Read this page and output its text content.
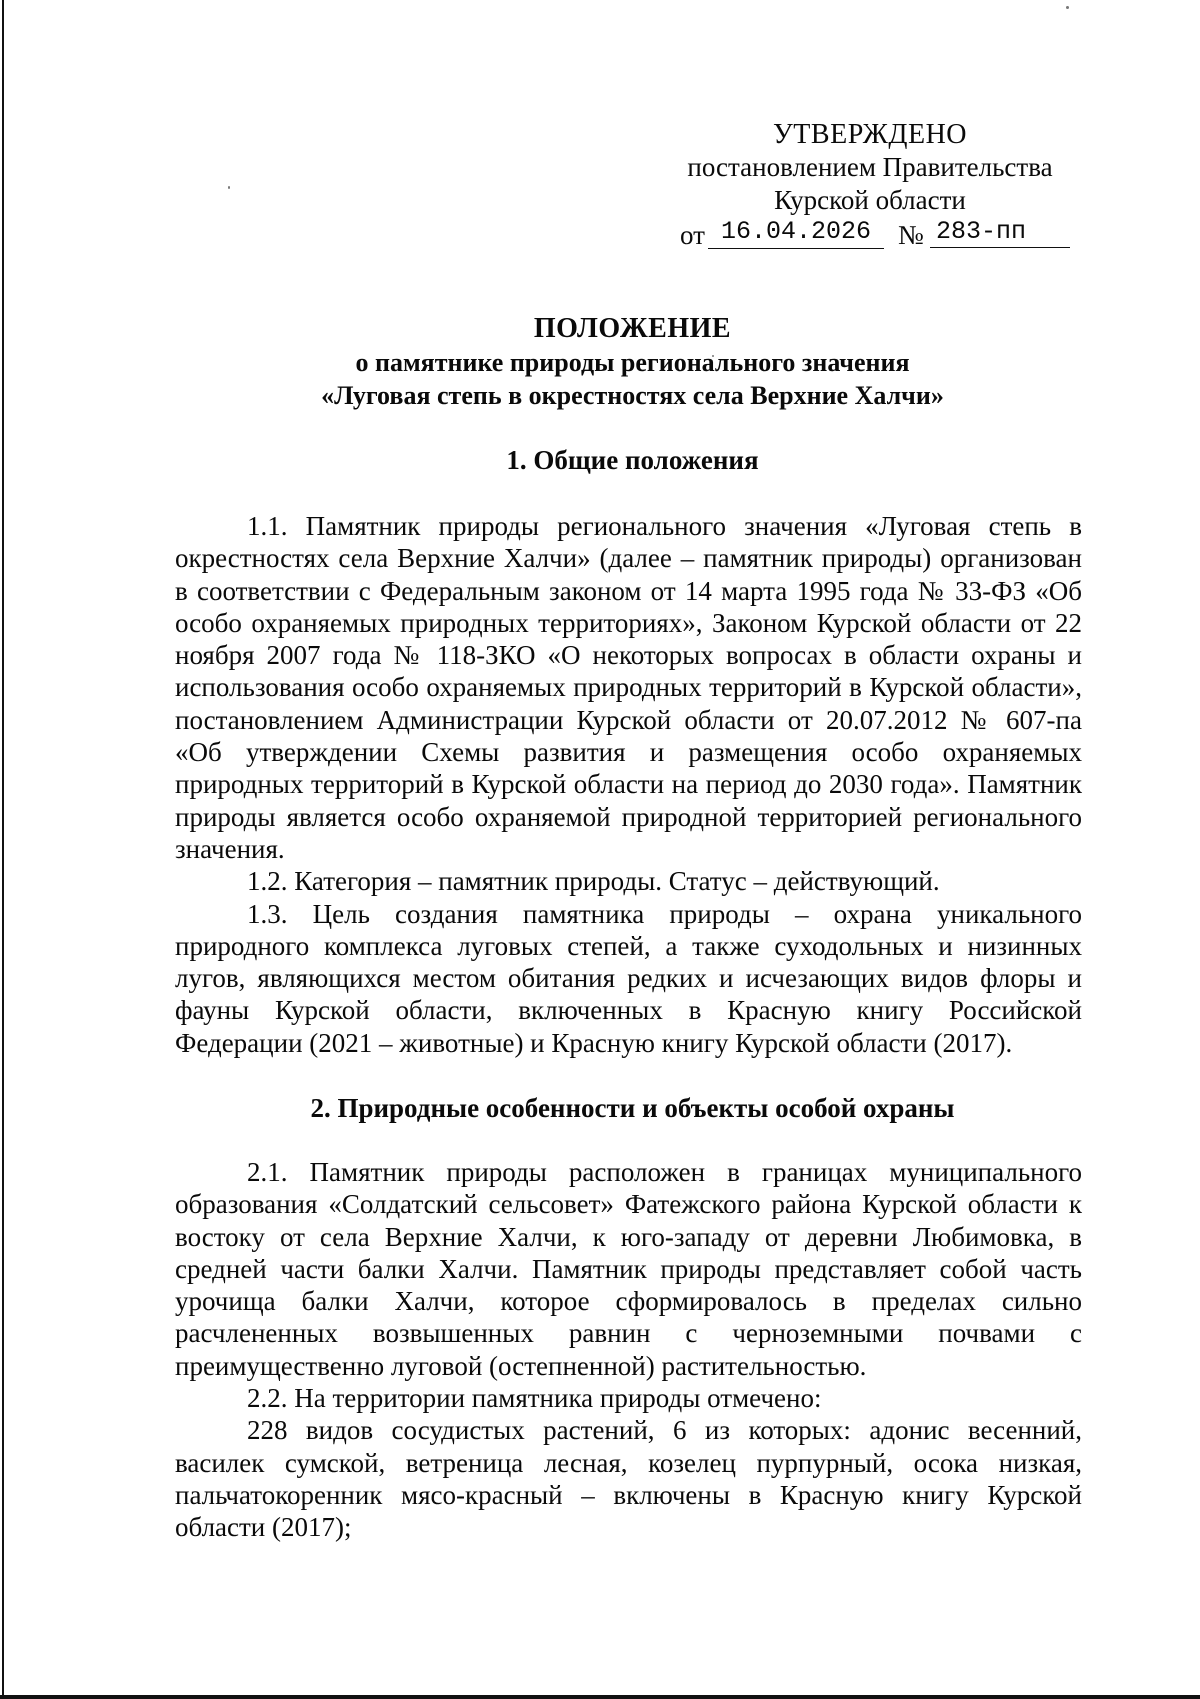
УТВЕРЖДЕНО
постановлением Правительства
Курской области
от 16.04.2026 № 283-пп
ПОЛОЖЕНИЕ
о памятнике природы регионального значения
«Луговая степь в окрестностях села Верхние Халчи»
1. Общие положения

1.1. Памятник природы регионального значения «Луговая степь в окрестностях села Верхние Халчи» (далее – памятник природы) организован в соответствии с Федеральным законом от 14 марта 1995 года № 33-ФЗ «Об особо охраняемых природных территориях», Законом Курской области от 22 ноября 2007 года № 118-ЗКО «О некоторых вопросах в области охраны и использования особо охраняемых природных территорий в Курской области», постановлением Администрации Курской области от 20.07.2012 № 607-па «Об утверждении Схемы развития и размещения особо охраняемых природных территорий в Курской области на период до 2030 года». Памятник природы является особо охраняемой природной территорией регионального значения.

1.2. Категория – памятник природы. Статус – действующий.

1.3. Цель создания памятника природы – охрана уникального природного комплекса луговых степей, а также суходольных и низинных лугов, являющихся местом обитания редких и исчезающих видов флоры и фауны Курской области, включенных в Красную книгу Российской Федерации (2021 – животные) и Красную книгу Курской области (2017).

2. Природные особенности и объекты особой охраны

2.1. Памятник природы расположен в границах муниципального образования «Солдатский сельсовет» Фатежского района Курской области к востоку от села Верхние Халчи, к юго-западу от деревни Любимовка, в средней части балки Халчи. Памятник природы представляет собой часть урочища балки Халчи, которое сформировалось в пределах сильно расчлененных возвышенных равнин с черноземными почвами с преимущественно луговой (остепненной) растительностью.

2.2. На территории памятника природы отмечено:

228 видов сосудистых растений, 6 из которых: адонис весенний, василек сумской, ветреница лесная, козелец пурпурный, осока низкая, пальчатокоренник мясо-красный – включены в Красную книгу Курской области (2017);
